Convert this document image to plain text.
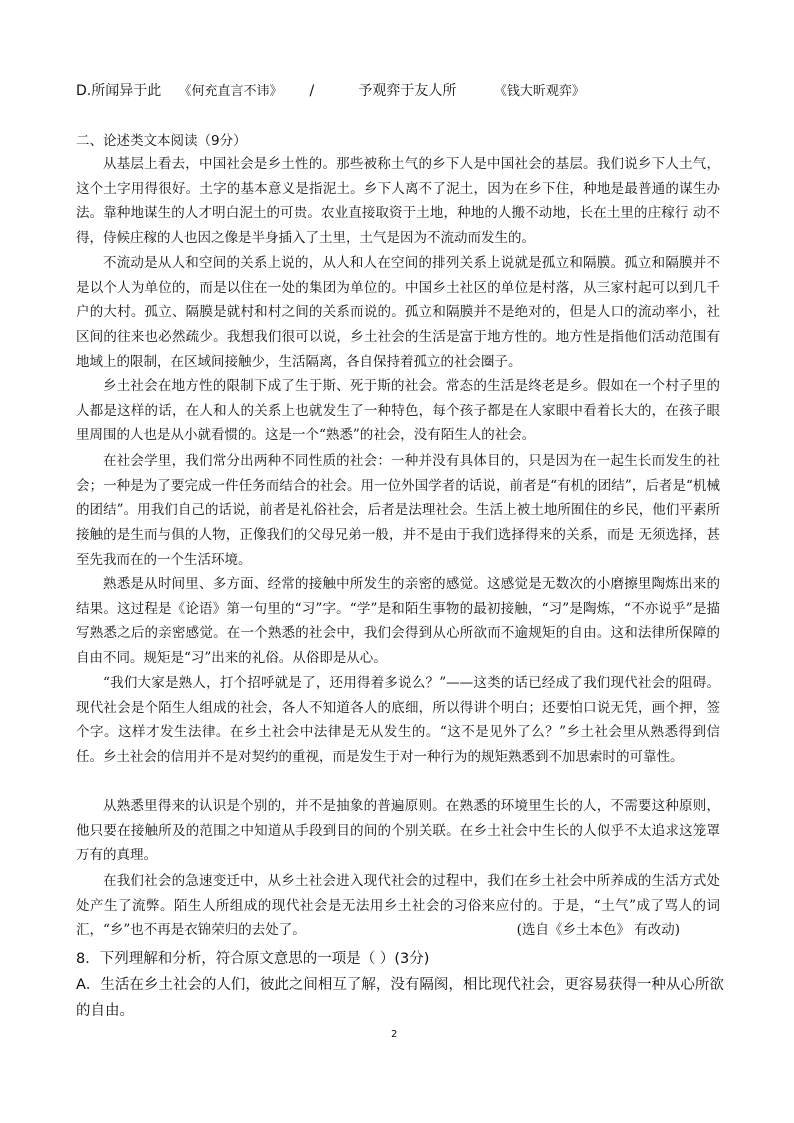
D.所闻异于此 《何充直言不讳》 /	予观弈于友人所	《钱大昕观弈》
二、论述类文本阅读（9分）

从基层上看去，中国社会是乡土性的。那些被称土气的乡下人是中国社会的基层。我们说乡下人土气，这个土字用得很好。土字的基本意义是指泥土。乡下人离不了泥土，因为在乡下住，种地是最普通的谋生办法。靠种地谋生的人才明白泥土的可贵。农业直接取资于土地，种地的人搬不动地，长在土里的庄稼行 动不得，侍候庄稼的人也因之像是半身插入了土里，土气是因为不流动而发生的。

不流动是从人和空间的关系上说的，从人和人在空间的排列关系上说就是孤立和隔膜。孤立和隔膜并不是以个人为单位的，而是以住在一处的集团为单位的。中国乡土社区的单位是村落，从三家村起可以到几千户的大村。孤立、隔膜是就村和村之间的关系而说的。孤立和隔膜并不是绝对的，但是人口的流动率小，社区间的往来也必然疏少。我想我们很可以说，乡土社会的生活是富于地方性的。地方性是指他们活动范围有地域上的限制，在区域间接触少，生活隔离，各自保持着孤立的社会圈子。

乡土社会在地方性的限制下成了生于斯、死于斯的社会。常态的生活是终老是乡。假如在一个村子里的人都是这样的话，在人和人的关系上也就发生了一种特色，每个孩子都是在人家眼中看着长大的，在孩子眼里周围的人也是从小就看惯的。这是一个“熟悉”的社会，没有陌生人的社会。

在社会学里，我们常分出两种不同性质的社会：一种并没有具体目的，只是因为在一起生长而发生的社会；一种是为了要完成一件任务而结合的社会。用一位外国学者的话说，前者是“有机的团结”，后者是“机械的团结”。用我们自己的话说，前者是礼俗社会，后者是法理社会。生活上被土地所囿住的乡民，他们平素所接触的是生而与俱的人物，正像我们的父母兄弟一般，并不是由于我们选择得来的关系，而是 无须选择，甚至先我而在的一个生活环境。

熟悉是从时间里、多方面、经常的接触中所发生的亲密的感觉。这感觉是无数次的小磨擦里陶炼出来的结果。这过程是《论语》第一句里的“习”字。“学”是和陌生事物的最初接触，“习”是陶炼，“不亦说乎”是描写熟悉之后的亲密感觉。在一个熟悉的社会中，我们会得到从心所欲而不逾规矩的自由。这和法律所保障的自由不同。规矩是“习”出来的礼俗。从俗即是从心。

“我们大家是熟人，打个招呼就是了，还用得着多说么？”——这类的话已经成了我们现代社会的阻碍。现代社会是个陌生人组成的社会，各人不知道各人的底细，所以得讲个明白；还要怕口说无凭，画个押，签个字。这样才发生法律。在乡土社会中法律是无从发生的。“这不是见外了么？”乡土社会里从熟悉得到信任。乡土社会的信用并不是对契约的重视，而是发生于对一种行为的规矩熟悉到不加思索时的可靠性。

从熟悉里得来的认识是个别的，并不是抽象的普遍原则。在熟悉的环境里生长的人，不需要这种原则，他只要在接触所及的范围之中知道从手段到目的间的个别关联。在乡土社会中生长的人似乎不太追求这笼罩万有的真理。

在我们社会的急速变迁中，从乡土社会进入现代社会的过程中，我们在乡土社会中所养成的生活方式处处产生了流弊。陌生人所组成的现代社会是无法用乡土社会的习俗来应付的。于是，“土气”成了骂人的词汇，“乡”也不再是衣锦荣归的去处了。	(选自《乡土本色》 有改动)

8．下列理解和分析，符合原文意思的一项是（ ）(3分)

A．生活在乡土社会的人们，彼此之间相互了解，没有隔阂，相比现代社会，更容易获得一种从心所欲的自由。

2
